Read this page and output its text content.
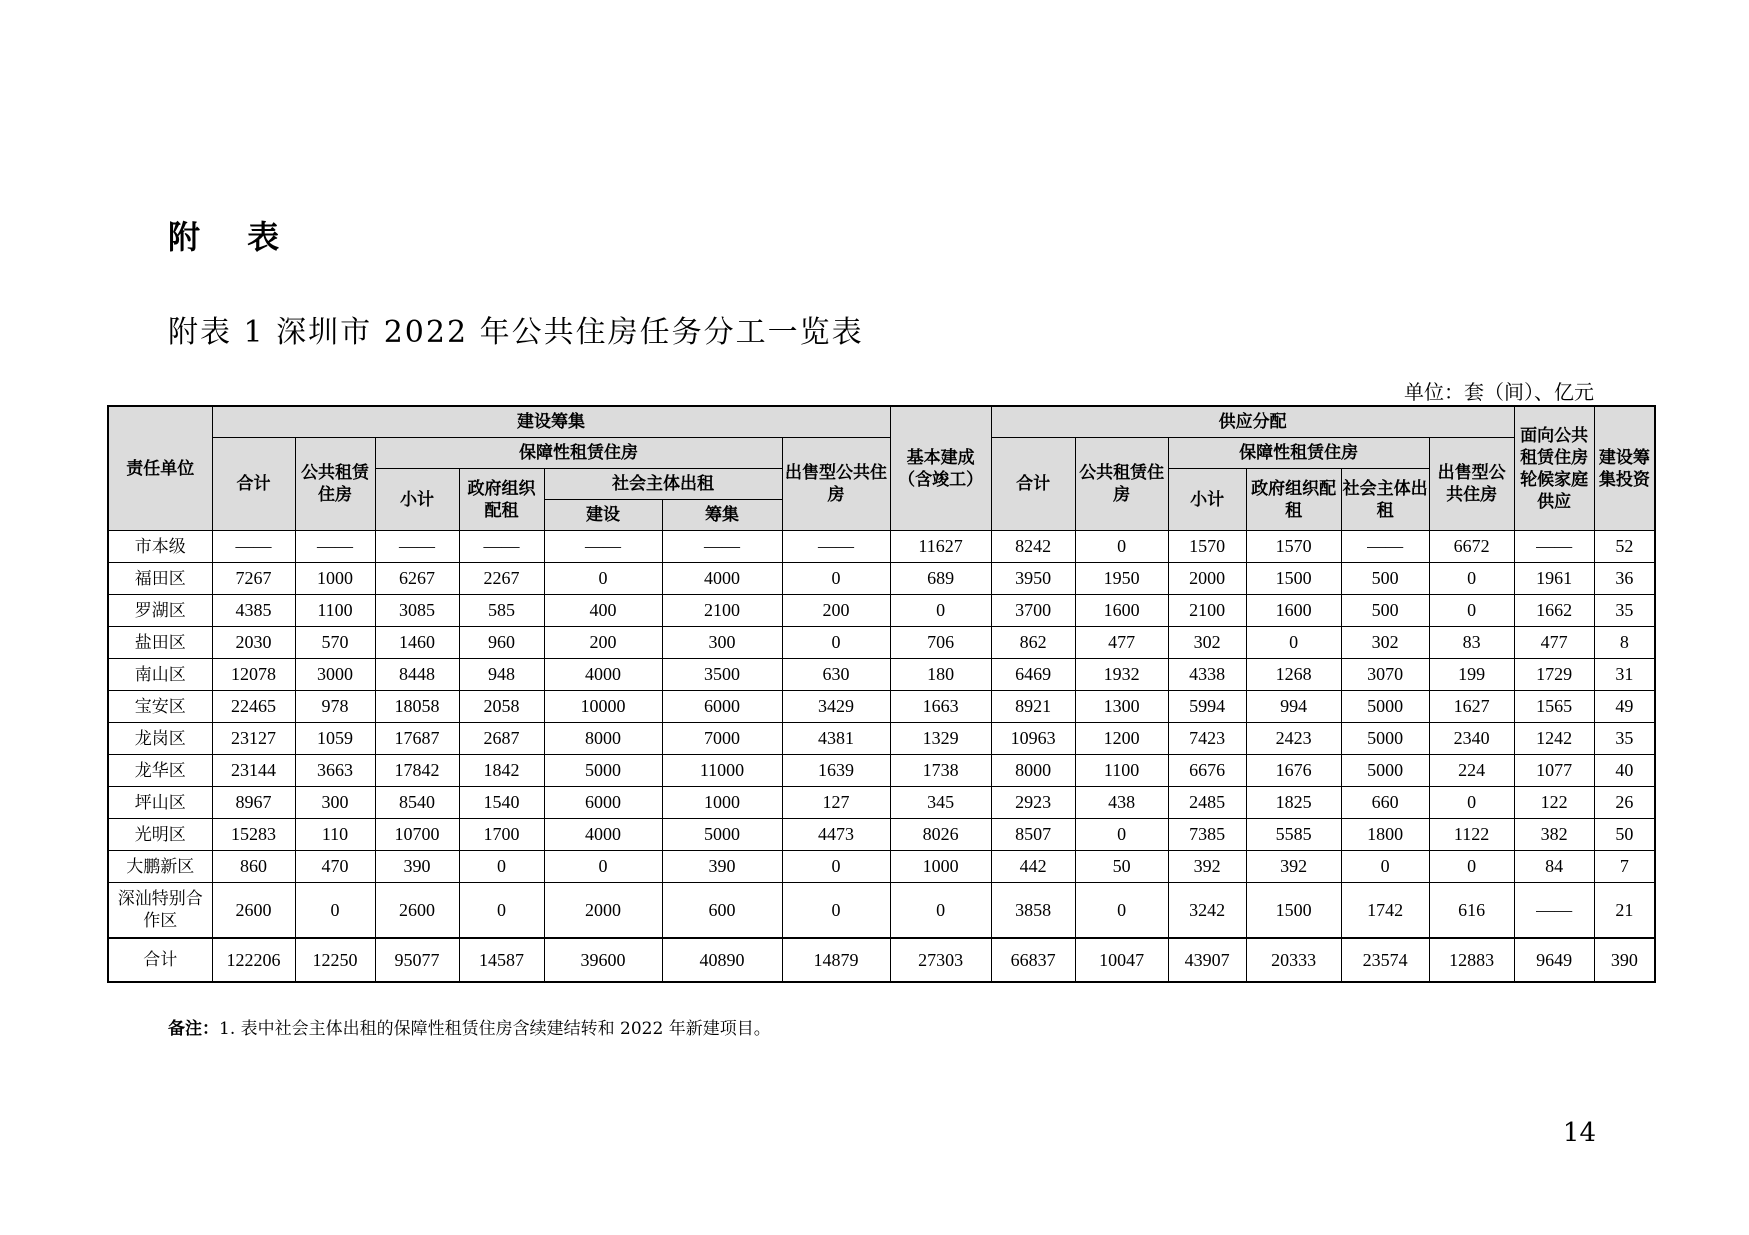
附 表
附表 1 深圳市 2022 年公共住房任务分工一览表
单位：套（间）、亿元
责任单位	建设筹集							基本建成（含竣工）	供应分配						面向公共租赁住房轮候家庭供应	建设筹集投资
	合计	公共租赁住房	保障性租赁住房				出售型公共住房		合计	公共租赁住房	保障性租赁住房			出售型公共住房		
			小计	政府组织配租	社会主体出租						小计	政府组织配租	社会主体出租			
					建设	筹集										
市本级	——	——	——	——	——	——	——	11627	8242	0	1570	1570	——	6672	——	52
福田区	7267	1000	6267	2267	0	4000	0	689	3950	1950	2000	1500	500	0	1961	36
罗湖区	4385	1100	3085	585	400	2100	200	0	3700	1600	2100	1600	500	0	1662	35
盐田区	2030	570	1460	960	200	300	0	706	862	477	302	0	302	83	477	8
南山区	12078	3000	8448	948	4000	3500	630	180	6469	1932	4338	1268	3070	199	1729	31
宝安区	22465	978	18058	2058	10000	6000	3429	1663	8921	1300	5994	994	5000	1627	1565	49
龙岗区	23127	1059	17687	2687	8000	7000	4381	1329	10963	1200	7423	2423	5000	2340	1242	35
龙华区	23144	3663	17842	1842	5000	11000	1639	1738	8000	1100	6676	1676	5000	224	1077	40
坪山区	8967	300	8540	1540	6000	1000	127	345	2923	438	2485	1825	660	0	122	26
光明区	15283	110	10700	1700	4000	5000	4473	8026	8507	0	7385	5585	1800	1122	382	50
大鹏新区	860	470	390	0	0	390	0	1000	442	50	392	392	0	0	84	7
深汕特别合作区	2600	0	2600	0	2000	600	0	0	3858	0	3242	1500	1742	616	——	21
合计	122206	12250	95077	14587	39600	40890	14879	27303	66837	10047	43907	20333	23574	12883	9649	390
备注：1. 表中社会主体出租的保障性租赁住房含续建结转和 2022 年新建项目。
14
